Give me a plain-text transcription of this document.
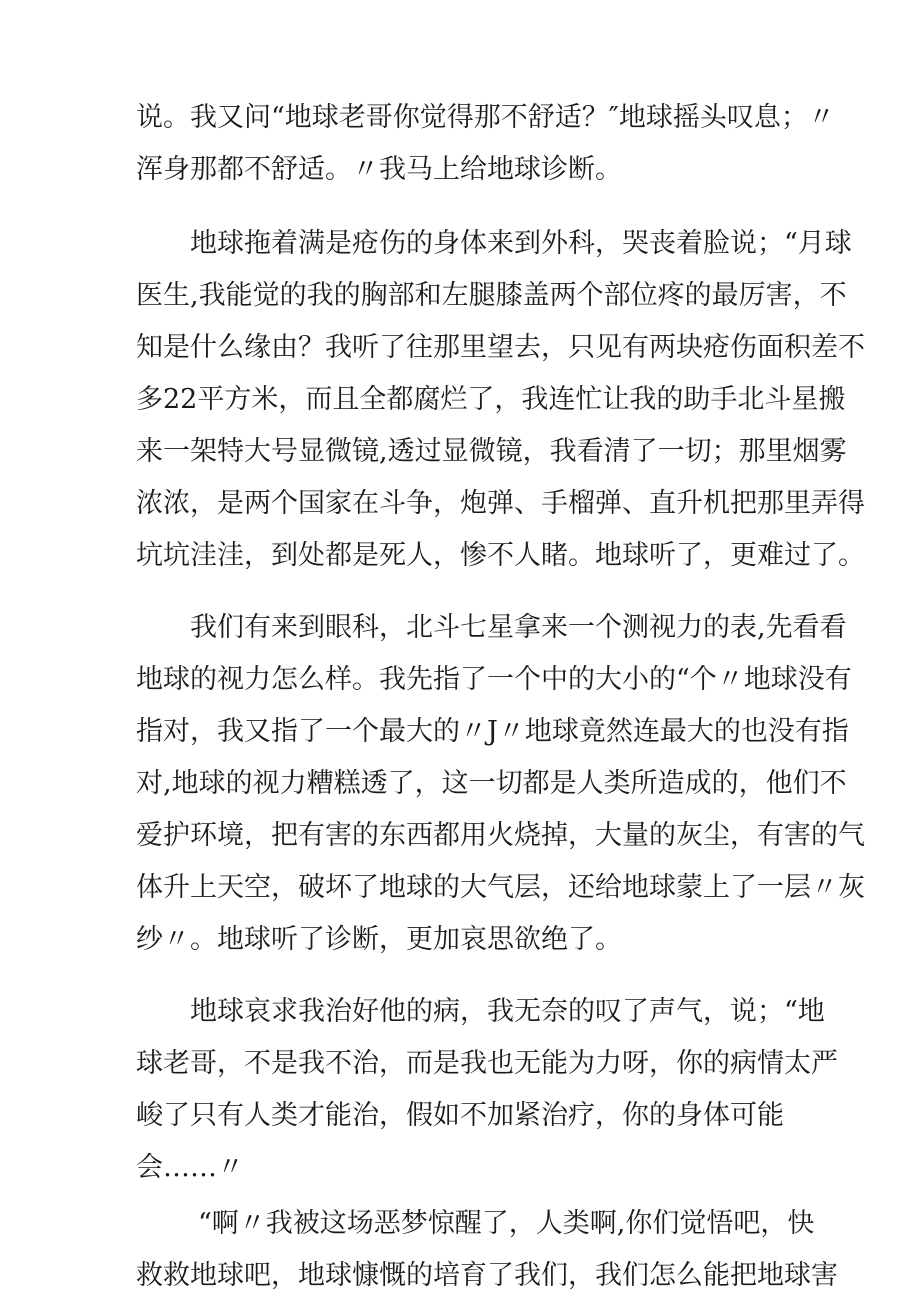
说。我又问“地球老哥你觉得那不舒适？″地球摇头叹息；〃

浑身那都不舒适。〃我马上给地球诊断。

地球拖着满是疮伤的身体来到外科，哭丧着脸说；“月球

医生,我能觉的我的胸部和左腿膝盖两个部位疼的最厉害，不

知是什么缘由？我听了往那里望去，只见有两块疮伤面积差不

多22平方米，而且全都腐烂了，我连忙让我的助手北斗星搬

来一架特大号显微镜,透过显微镜，我看清了一切；那里烟雾

浓浓，是两个国家在斗争，炮弹、手榴弹、直升机把那里弄得

坑坑洼洼，到处都是死人，惨不人睹。地球听了，更难过了。

我们有来到眼科，北斗七星拿来一个测视力的表,先看看

地球的视力怎么样。我先指了一个中的大小的“个〃地球没有

指对，我又指了一个最大的〃J〃地球竟然连最大的也没有指

对,地球的视力糟糕透了，这一切都是人类所造成的，他们不

爱护环境，把有害的东西都用火烧掉，大量的灰尘，有害的气

体升上天空，破坏了地球的大气层，还给地球蒙上了一层〃灰

纱〃。地球听了诊断，更加哀思欲绝了。

地球哀求我治好他的病，我无奈的叹了声气，说；“地

球老哥，不是我不治，而是我也无能为力呀，你的病情太严

峻了只有人类才能治，假如不加紧治疗，你的身体可能

会……〃

“啊〃我被这场恶梦惊醒了，人类啊,你们觉悟吧，快

救救地球吧，地球慷慨的培育了我们，我们怎么能把地球害
